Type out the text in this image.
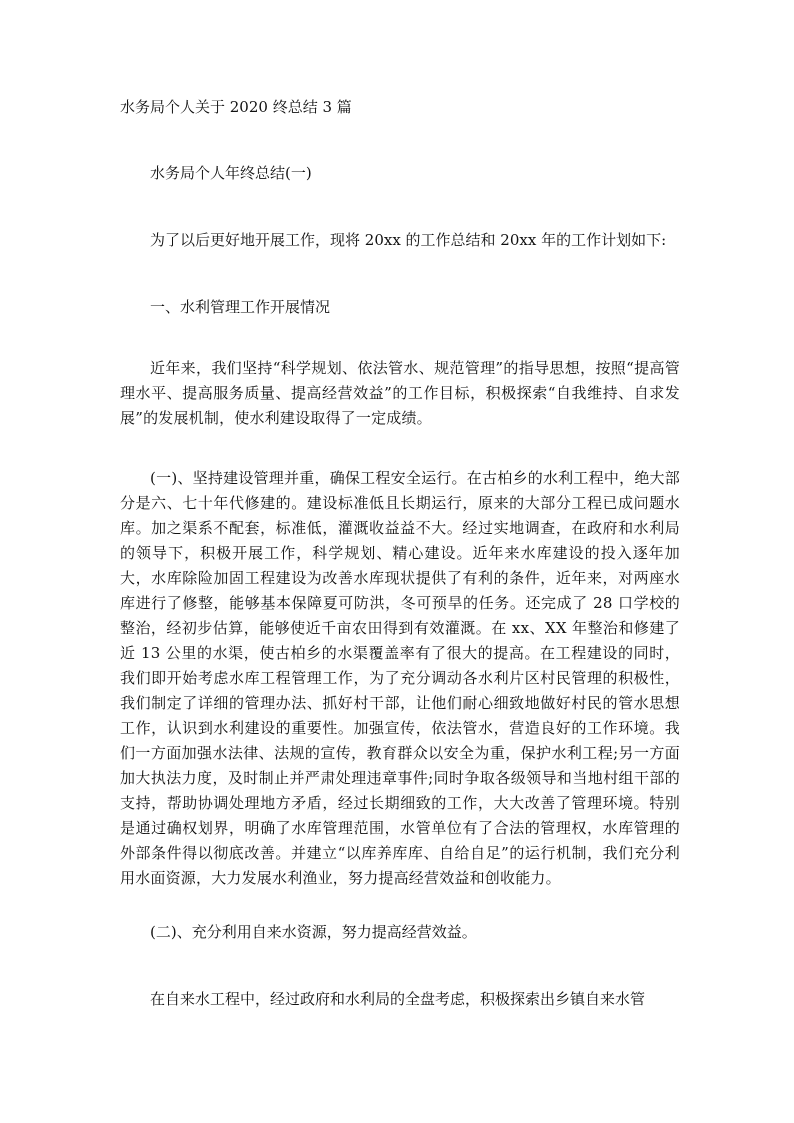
水务局个人关于 2020 终总结 3 篇
水务局个人年终总结(一)
为了以后更好地开展工作，现将 20xx 的工作总结和 20xx 年的工作计划如下:
一、水利管理工作开展情况
近年来，我们坚持“科学规划、依法管水、规范管理”的指导思想，按照“提高管理水平、提高服务质量、提高经营效益”的工作目标，积极探索“自我维持、自求发展”的发展机制，使水利建设取得了一定成绩。
(一)、坚持建设管理并重，确保工程安全运行。在古柏乡的水利工程中，绝大部分是六、七十年代修建的。建设标准低且长期运行，原来的大部分工程已成问题水库。加之渠系不配套，标准低，灌溉收益益不大。经过实地调查，在政府和水利局的领导下，积极开展工作，科学规划、精心建设。近年来水库建设的投入逐年加大，水库除险加固工程建设为改善水库现状提供了有利的条件，近年来，对两座水库进行了修整，能够基本保障夏可防洪，冬可预旱的任务。还完成了 28 口学校的整治，经初步估算，能够使近千亩农田得到有效灌溉。在 xx、XX 年整治和修建了近 13 公里的水渠，使古柏乡的水渠覆盖率有了很大的提高。在工程建设的同时，我们即开始考虑水库工程管理工作，为了充分调动各水利片区村民管理的积极性，我们制定了详细的管理办法、抓好村干部，让他们耐心细致地做好村民的管水思想工作，认识到水利建设的重要性。加强宣传，依法管水，营造良好的工作环境。我们一方面加强水法律、法规的宣传，教育群众以安全为重，保护水利工程;另一方面加大执法力度，及时制止并严肃处理违章事件;同时争取各级领导和当地村组干部的支持，帮助协调处理地方矛盾，经过长期细致的工作，大大改善了管理环境。特别是通过确权划界，明确了水库管理范围，水管单位有了合法的管理权，水库管理的外部条件得以彻底改善。并建立“以库养库库、自给自足”的运行机制，我们充分利用水面资源，大力发展水利渔业，努力提高经营效益和创收能力。
(二)、充分利用自来水资源，努力提高经营效益。
在自来水工程中，经过政府和水利局的全盘考虑，积极探索出乡镇自来水管
